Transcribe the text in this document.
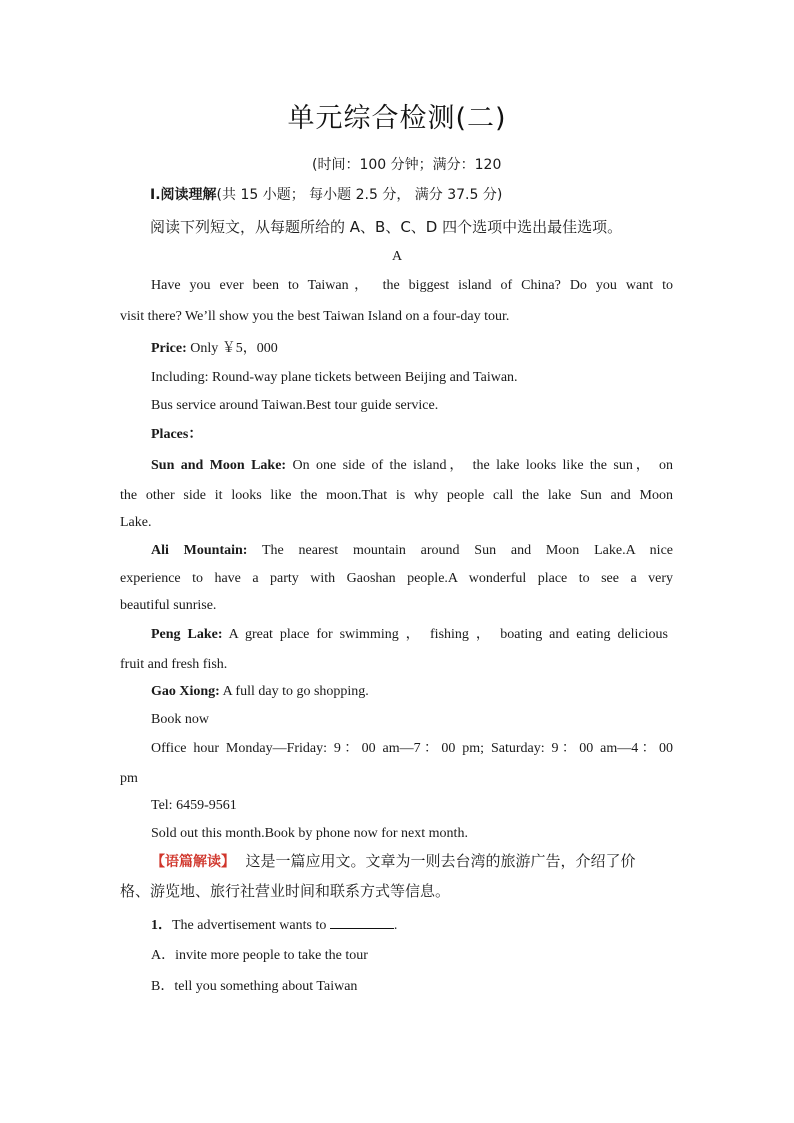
单元综合检测(二)
(时间：100 分钟；满分：120
Ⅰ.阅读理解(共 15 小题； 每小题 2.5 分， 满分 37.5 分)
阅读下列短文，从每题所给的 A、B、C、D 四个选项中选出最佳选项。
A
Have you ever been to Taiwan， the biggest island of China? Do you want to
visit there? We’ll show you the best Taiwan Island on a four-day tour.
Price: Only ￥5，000
Including: Round-way plane tickets between Beijing and Taiwan.
Bus service around Taiwan.Best tour guide service.
Places：
Sun and Moon Lake: On one side of the island， the lake looks like the sun， on
the other side it looks like the moon.That is why people call the lake Sun and Moon
Lake.
Ali Mountain: The nearest mountain around Sun and Moon Lake.A nice
experience to have a party with Gaoshan people.A wonderful place to see a very
beautiful sunrise.
Peng Lake: A great place for swimming ， fishing ， boating and eating delicious
fruit and fresh fish.
Gao Xiong: A full day to go shopping.
Book now
Office hour Monday—Friday: 9：00 am—7：00 pm; Saturday: 9：00 am—4：00
pm
Tel: 6459-9561
Sold out this month.Book by phone now for next month.
【语篇解读】 这是一篇应用文。文章为一则去台湾的旅游广告，介绍了价
格、游览地、旅行社营业时间和联系方式等信息。
1．The advertisement wants to	.
A．invite more people to take the tour
B．tell you something about Taiwan
